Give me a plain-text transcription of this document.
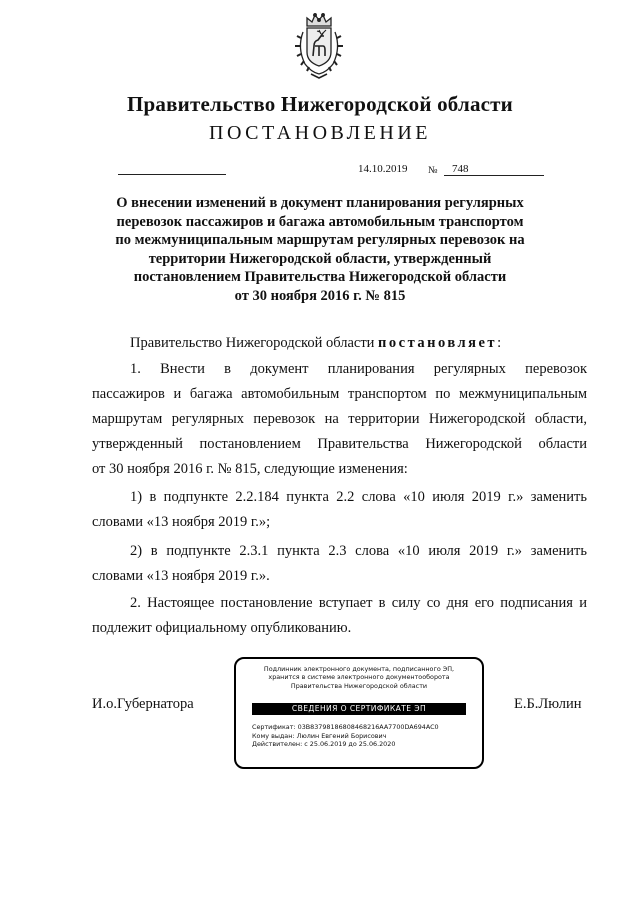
Правительство Нижегородской области
ПОСТАНОВЛЕНИЕ
14.10.2019 №	748

О внесении изменений в документ планирования регулярных
перевозок пассажиров и багажа автомобильным транспортом
по межмуниципальным маршрутам регулярных перевозок на
территории Нижегородской области, утвержденный
постановлением Правительства Нижегородской области
от 30 ноября 2016 г. № 815

Правительство Нижегородской области постановляет:

1. Внести в документ планирования регулярных перевозок
пассажиров и багажа автомобильным транспортом по межмуниципальным
маршрутам регулярных перевозок на территории Нижегородской области,
утвержденный постановлением Правительства Нижегородской области
от 30 ноября 2016 г. № 815, следующие изменения:

1) в подпункте 2.2.184 пункта 2.2 слова «10 июля 2019 г.» заменить
словами «13 ноября 2019 г.»;

2) в подпункте 2.3.1 пункта 2.3 слова «10 июля 2019 г.» заменить
словами «13 ноября 2019 г.».

2. Настоящее постановление вступает в силу со дня его подписания и
подлежит официальному опубликованию.

И.о.Губернатора

Подлинник электронного документа, подписанного ЭП,
хранится в системе электронного документооборота
Правительства Нижегородской области

СВЕДЕНИЯ О СЕРТИФИКАТЕ ЭП

Сертификат: 03B83798186808468216AA7700DA694AC0
Кому выдан: Люлин Евгений Борисович
Действителен: с 25.06.2019 до 25.06.2020

Е.Б.Люлин
